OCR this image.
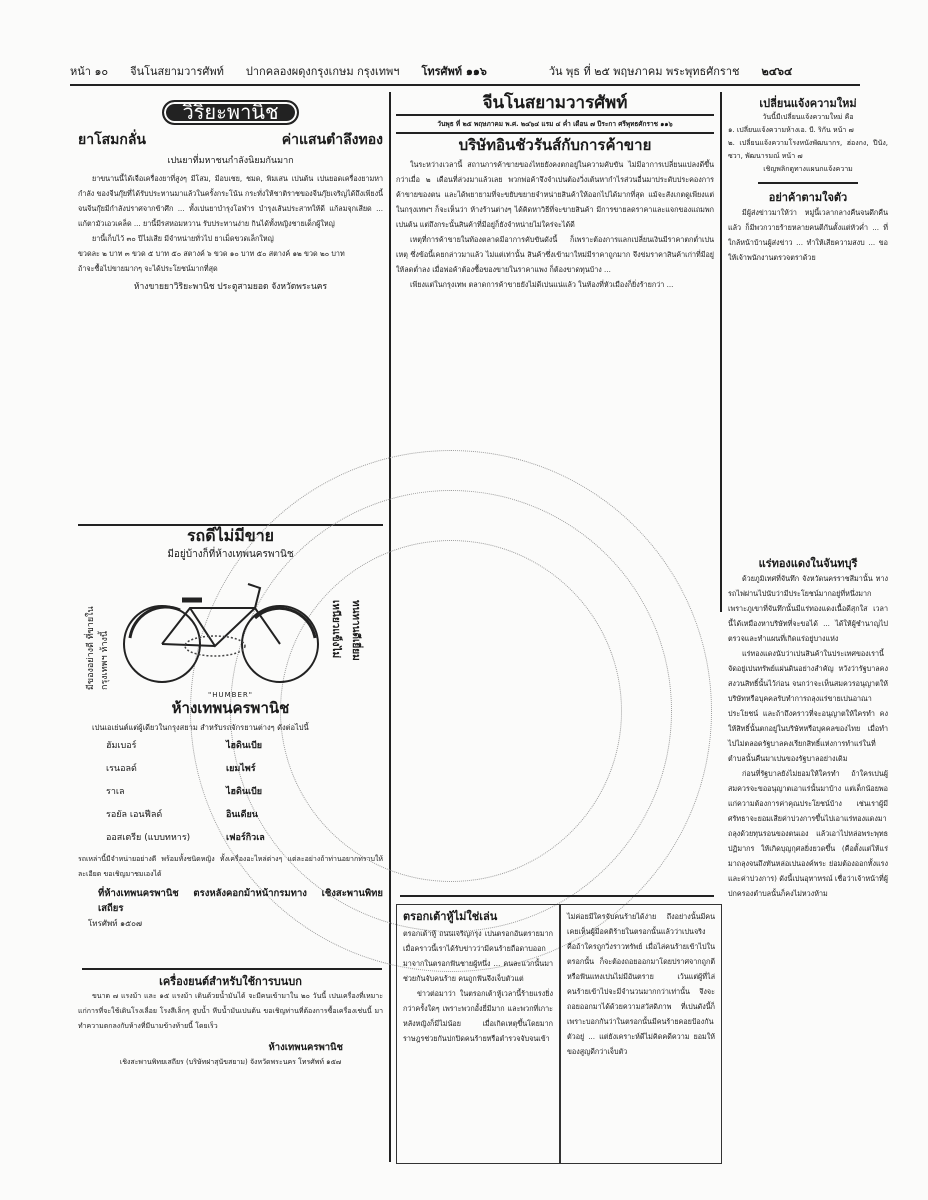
หน้า ๑๐ จีนโนสยามวารศัพท์ ปากคลองผดุงกรุงเกษม กรุงเทพฯ โทรศัพท์ ๑๑๖	วัน พุธ ที่ ๒๕ พฤษภาคม พระพุทธศักราช ๒๔๖๔
วิริยะพานิช
ยาโสมกลั่น	ค่าแสนตำลึงทอง
เปนยาที่มหาชนกำลังนิยมกันมาก

ยาขนานนี้ได้เจือเครื่องยาที่สูงๆ มีโสม, มีอบเชย, ชมด, พิมเสน เปนต้น เปนยอดเครื่องยามหากำลัง ของจีนกุ๊ยที่ได้รับประทานมาแล้วในครั้งกระโน้น กระทั่งให้ชาติราชของจีนกุ๊ยเจริญได้ถึงเพียงนี้ จนจีนกุ๊ยมีกำลังปราศจากข้าศึก ... ทั้งเปนยาบำรุงโอฬาร บำรุงเส้นประสาทให้ดี แก้ลมจุกเสียด ... แก้ตามัวเอวเคล็ด ... ยานี้มีรสหอมหวาน รับประทานง่าย กินได้ทั้งหญิงชายเด็กผู้ใหญ่

ยานี้เก็บไว้ ๓๐ ปีไม่เสีย มีจำหน่ายทั่วไป ยาเม็ดขวดเล็กใหญ่

ขวดละ ๒ บาท ๓ ขวด ๕ บาท ๕๐ สตางค์ ๖ ขวด ๑๐ บาท ๕๐ สตางค์ ๑๒ ขวด ๒๐ บาท
ถ้าจะซื้อไปขายมากๆ จะได้ประโยชน์มากที่สุด
ห้างขายยาวิริยะพานิช ประตูสามยอด จังหวัดพระนคร
รถดีไม่มีขาย
มีอยู่บ้างก็ที่ห้างเทพนครพานิช
มีของอย่างดี ที่ขายในกรุงเทพฯ ห้างนี้
เหนียวแข็งไม่ ทนทานดีเยี่ยม
"HUMBER"
ห้างเทพนครพานิช
เปนเอเย่นต์แต่ผู้เดียวในกรุงสยาม สำหรับรถจักรยานต่างๆ ดังต่อไปนี้
ฮัมเบอร์	ไฮดินเบีย
เรนอลด์	เยมไพร์
ราเล	ไฮดินเบีย
รอยัล เอนฟีลด์	อินเดียน
ออสเตรีย (แบบทหาร)	เฟอร์กิวเล
รถเหล่านี้มีจำหน่ายอย่างดี พร้อมทั้งชนิดหญิง ทั้งเครื่องอะไหล่ต่างๆ แต่ละอย่างถ้าท่านอยากทราบให้ละเอียด ขอเชิญมาชมเองได้
ที่ห้างเทพนครพานิช ตรงหลังคอกม้าหน้ากรมทาง เชิงสะพานพิทยเสถียร
โทรศัพท์ ๑๕๐๗
เครื่องยนต์สำหรับใช้การบนบก

ขนาด ๗ แรงม้า และ ๑๕ แรงม้า เดินด้วยน้ำมันได้ จะมีคนเข้ามาใน ๒๐ วันนี้ เปนเครื่องที่เหมาะแก่การที่จะใช้เดินโรงเลื่อย โรงสีเล็กๆ สูบน้ำ หีบน้ำมันเปนต้น ขอเชิญท่านที่ต้องการซื้อเครื่องเช่นนี้ มาทำความตกลงกับห้างที่มีนามข้างท้ายนี้ โดยเร็ว

ห้างเทพนครพานิช
เชิงสะพานพิทยเสถียร (บริษัทฝาสุนัขสยาม) จังหวัดพระนคร โทรศัพท์ ๑๕๗
จีนโนสยามวารศัพท์
วันพุธ ที่ ๒๕ พฤษภาคม พ.ศ. ๒๔๖๔ แรม ๔ ค่ำ เดือน ๗ ปีระกา ศรีพุทธศักราช ๑๑๖
บริษัทอินชัวรันส์กับการค้าขาย

ในระหว่างเวลานี้ สถานการค้าขายของไทยยังคงตกอยู่ในความคับขัน ไม่มีอาการเปลี่ยนแปลงดีขึ้นกว่าเมื่อ ๒ เดือนที่ล่วงมาแล้วเลย พวกพ่อค้าจึงจำเปนต้องวิ่งเต้นหากำไรส่วนอื่นมาประดับประคองการค้าขายของตน และได้พยายามที่จะขยับขยายจำหน่ายสินค้าให้ออกไปได้มากที่สุด แม้จะสังเกตดูเพียงแต่ในกรุงเทพฯ ก็จะเห็นว่า ห้างร้านต่างๆ ได้คิดหาวิธีที่จะขายสินค้า มีการขายลดราคาและแจกของแถมพกเปนต้น แต่ถึงกระนั้นสินค้าที่มีอยู่ก็ยังจำหน่ายไม่ใคร่จะได้ดี

เหตุที่การค้าขายในท้องตลาดมีอาการคับขันดังนี้ ก็เพราะต้องการแลกเปลี่ยนเงินมีราคาตกต่ำเปนเหตุ ซึ่งข้อนี้เคยกล่าวมาแล้ว ไม่แต่เท่านั้น สินค้าซึ่งเข้ามาใหม่มีราคาถูกมาก จึงข่มราคาสินค้าเก่าที่มีอยู่ให้ลดต่ำลง เมื่อพ่อค้าต้องซื้อของขายในราคาแพง ก็ต้องขาดทุนบ้าง ...

เพียงแต่ในกรุงเทพ ตลาดการค้าขายยังไม่ดีเปนแน่แล้ว ในท้องที่หัวเมืองก็ยิ่งร้ายกว่า ...

ตรอกเต้าหู้ไม่ใช่เล่น

ตรอกเต้าหู้ ถนนเจริญกรุง เปนตรอกอันตรายมาก เมื่อคราวนี้เราได้รับข่าวว่ามีคนร้ายถือดาบออกมาจากในตรอกฟันชายผู้หนึ่ง ... คนละแวกนั้นมาช่วยกันจับคนร้าย คนถูกฟันจึงเจ็บตัวแต่

ข่าวต่อมาว่า ในตรอกเต้าหู้เวลานี้ร้ายแรงยิ่งกว่าครั้งใดๆ เพราะพวกอั้งยี่มีมาก และพวกที่เกาะหลังหญิงก็มีไม่น้อย เมื่อเกิดเหตุขึ้นโดยมากราษฎรช่วยกันปกปิดคนร้ายหรือตำรวจจับจนเข้า

ไม่ค่อยมีใครจับคนร้ายได้ง่าย ถึงอย่างนั้นมีคนเคยเห็นผู้มีอคติร้ายในตรอกนั้นแล้วว่าเปนจริง คือถ้าใครถูกวิ่งราวทรัพย์ เมื่อไล่คนร้ายเข้าไปในตรอกนั้น ก็จะต้องถอยออกมาโดยปราศจากถูกตีหรือฟันแทงเปนไม่มีอันตราย เว้นแต่ผู้ที่ไล่คนร้ายเข้าไปจะมีจำนวนมากกว่าเท่านั้น จึงจะถอยออกมาได้ด้วยความสวัสดิภาพ ที่เปนดังนี้ก็เพราะบอกกันว่าในตรอกนั้นมีคนร้ายคอยป้องกันตัวอยู่ ... แต่ยังเคราะห์ดีไม่คิดคดีความ ยอมให้ของสูญดีกว่าเจ็บตัว

เปลี่ยนแจ้งความใหม่
วันนี้มีเปลี่ยนแจ้งความใหม่ คือ
๑. เปลี่ยนแจ้งความห้างเอ. บี. ริกัน หน้า ๗
๒. เปลี่ยนแจ้งความโรงหนังพัฒนากร, ฮ่องกง, ปีนัง, ซวา, พัฒนารมณ์ หน้า ๗
เชิญพลิกดูทางแผนกแจ้งความ
อย่าค้าตามใจตัว

มีผู้ส่งข่าวมาให้ว่า หมู่นี้เวลากลางคืนจนดึกคืนแล้ว ก็มีพวกวายร้ายหลายคนตีกันตั้งแต่หัวค่ำ ... ที่ใกล้หน้าบ้านผู้ส่งข่าว ... ทำให้เสียความสงบ ... ขอให้เจ้าพนักงานตรวจตราด้วย

แร่ทองแดงในจันทบุรี

ด้วยภูมิเทศที่จันทึก จังหวัดนครราชสีมานั้น ทางรถไฟผ่านไปนับว่ามีประโยชน์มากอยู่ที่หนึ่งมาก เพราะภูเขาที่จันทึกนั้นมีแร่ทองแดงเนื้อดีสุกใส เวลานี้ได้เหมืองหาบริษัทที่จะขอได้ ... ได้ให้ผู้ชำนาญไปตรวจและทำแผนที่เกิดแร่อยู่บางแห่ง

แร่ทองแดงนับว่าเปนสินค้าในประเทศของเรานี้ จัดอยู่เปนทรัพย์แผ่นดินอย่างสำคัญ หวังว่ารัฐบาลคงสงวนสิทธิ์นั้นไว้ก่อน จนกว่าจะเห็นสมควรอนุญาตให้บริษัทหรือบุคคลรับทำการถลุงแร่ขายเปนอาณาประโยชน์ และถ้าถึงคราวที่จะอนุญาตให้ใครทำ คงให้สิทธิ์นั้นตกอยู่ในบริษัทหรือบุคคลของไทย เมื่อทำไปไม่ตลอดรัฐบาลคงเรียกสิทธิ์แห่งการทำแร่ในที่ตำบลนั้นคืนมาเปนของรัฐบาลอย่างเดิม

ก่อนที่รัฐบาลยังไม่ยอมให้ใครทำ ถ้าใครเปนผู้สมควรจะขออนุญาตเอาแร่นั้นมาบ้าง แต่เด็กน้อยพอแก่ความต้องการค่าคุณประโยชน์บ้าง เช่นเราผู้มีศรัทธาจะยอมเสียค่าบ่วงการขึ้นไปเอาแร่ทองแดงมาถลุงด้วยทุนรอนของตนเอง แล้วเอาไปหล่อพระพุทธปฏิมากร ให้เกิดบุญกุศลยิ่งยวดขึ้น (คือตั้งแต่ให้แร่มาถลุงจนถึงทันหล่อเปนองค์พระ ย่อมต้องออกทั้งแรงและค่าบ่วงการ) ดังนี้เปนอุทาหรณ์ เชื่อว่าเจ้าหน้าที่ผู้ปกครองตำบลนั้นก็คงไม่หวงห้าม
